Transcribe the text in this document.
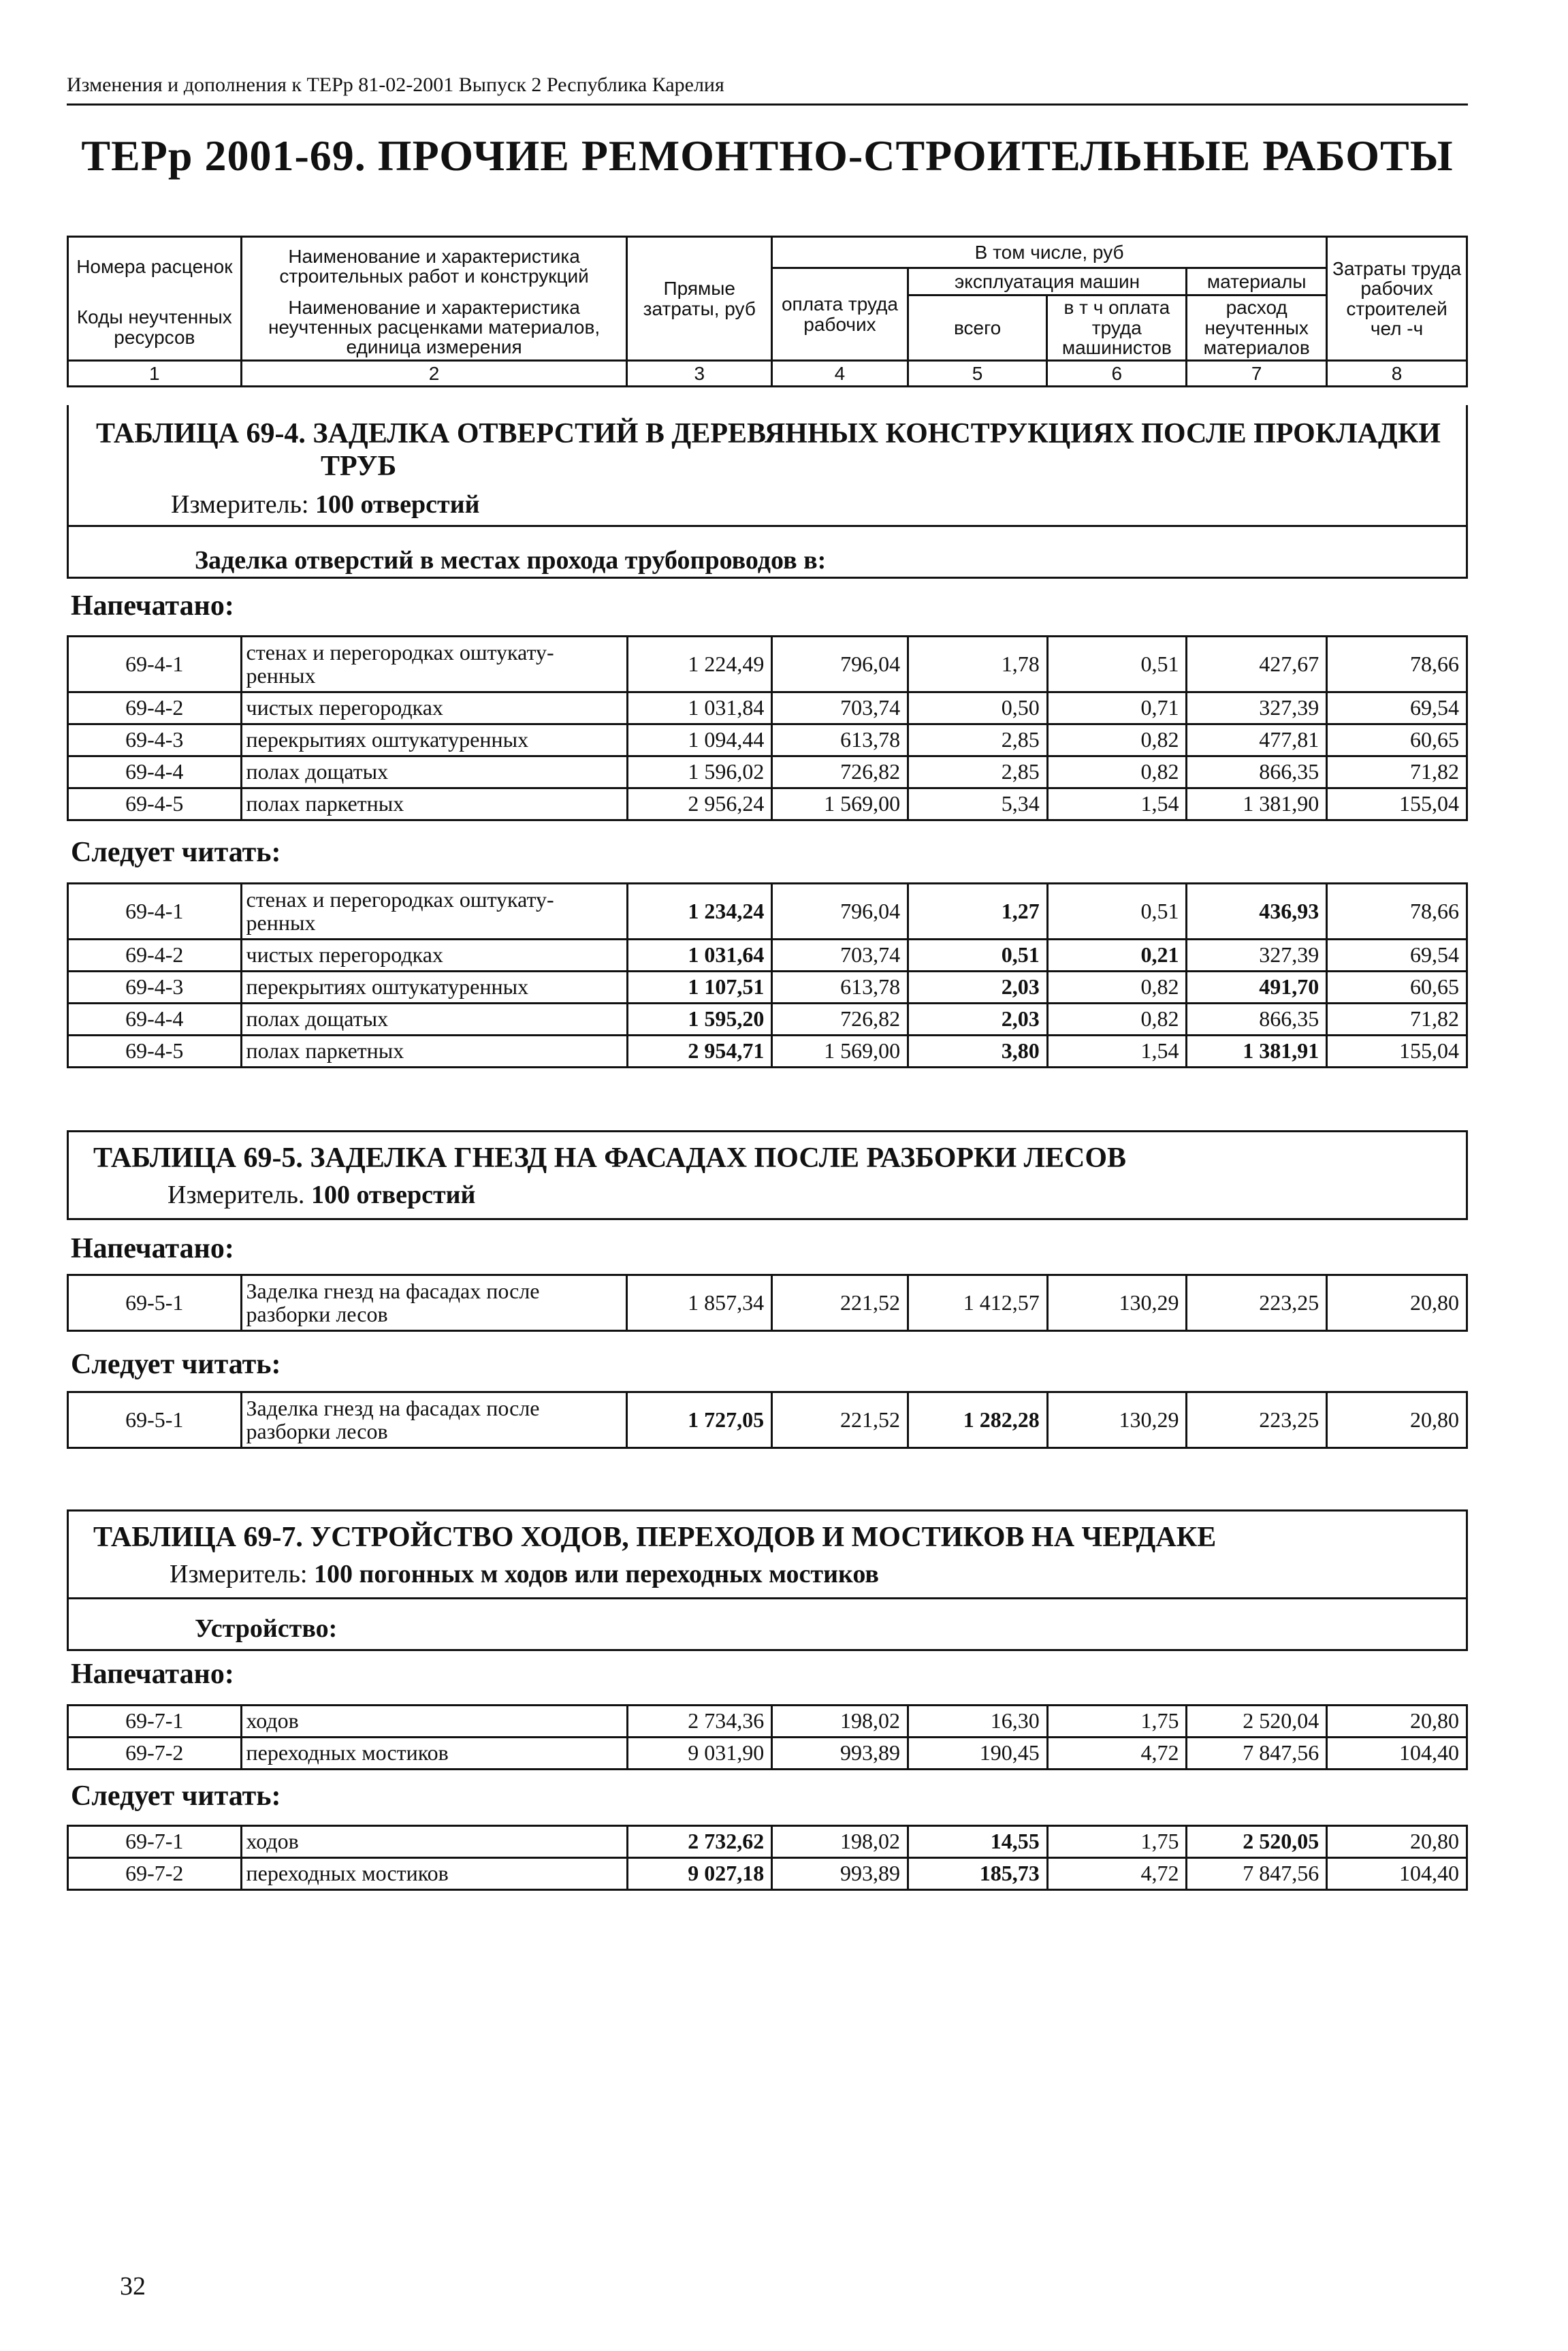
Изменения и дополнения к ТЕРр 81-02-2001 Выпуск 2 Республика Карелия
ТЕРр 2001-69. ПРОЧИЕ РЕМОНТНО-СТРОИТЕЛЬНЫЕ РАБОТЫ
Номера расценок	Наименование и характеристика строительных работ и конструкций	Прямые затраты, руб	В том числе, руб				Затраты труда рабочих строителей чел -ч
			оплата труда рабочих	эксплуатация машин		материалы	
Коды неучтенных ресурсов	Наименование и характеристика неучтенных расценками материалов, единица измерения			всего	в т ч оплата труда машинистов	расход неучтенных материалов	

1	2	3	4	5	6	7	8
ТАБЛИЦА 69-4. ЗАДЕЛКА ОТВЕРСТИЙ В ДЕРЕВЯННЫХ КОНСТРУКЦИЯХ ПОСЛЕ ПРОКЛАДКИ
ТРУБ
Измеритель: 100 отверстий
Заделка отверстий в местах прохода трубопроводов в:
Напечатано:
69-4-1	стенах и перегородках оштукату-ренных	1 224,49	796,04	1,78	0,51	427,67	78,66
69-4-2	чистых перегородках	1 031,84	703,74	0,50	0,71	327,39	69,54
69-4-3	перекрытиях оштукатуренных	1 094,44	613,78	2,85	0,82	477,81	60,65
69-4-4	полах дощатых	1 596,02	726,82	2,85	0,82	866,35	71,82
69-4-5	полах паркетных	2 956,24	1 569,00	5,34	1,54	1 381,90	155,04
Следует читать:
69-4-1	стенах и перегородках оштукату-ренных	1 234,24	796,04	1,27	0,51	436,93	78,66
69-4-2	чистых перегородках	1 031,64	703,74	0,51	0,21	327,39	69,54
69-4-3	перекрытиях оштукатуренных	1 107,51	613,78	2,03	0,82	491,70	60,65
69-4-4	полах дощатых	1 595,20	726,82	2,03	0,82	866,35	71,82
69-4-5	полах паркетных	2 954,71	1 569,00	3,80	1,54	1 381,91	155,04
ТАБЛИЦА 69-5. ЗАДЕЛКА ГНЕЗД НА ФАСАДАХ ПОСЛЕ РАЗБОРКИ ЛЕСОВ
Измеритель. 100 отверстий
Напечатано:
69-5-1	Заделка гнезд на фасадах после разборки лесов	1 857,34	221,52	1 412,57	130,29	223,25	20,80
Следует читать:
69-5-1	Заделка гнезд на фасадах после разборки лесов	1 727,05	221,52	1 282,28	130,29	223,25	20,80
ТАБЛИЦА 69-7. УСТРОЙСТВО ХОДОВ, ПЕРЕХОДОВ И МОСТИКОВ НА ЧЕРДАКЕ
Измеритель: 100 погонных м ходов или переходных мостиков
Устройство:
Напечатано:
69-7-1	ходов	2 734,36	198,02	16,30	1,75	2 520,04	20,80
69-7-2	переходных мостиков	9 031,90	993,89	190,45	4,72	7 847,56	104,40
Следует читать:
69-7-1	ходов	2 732,62	198,02	14,55	1,75	2 520,05	20,80
69-7-2	переходных мостиков	9 027,18	993,89	185,73	4,72	7 847,56	104,40
32
